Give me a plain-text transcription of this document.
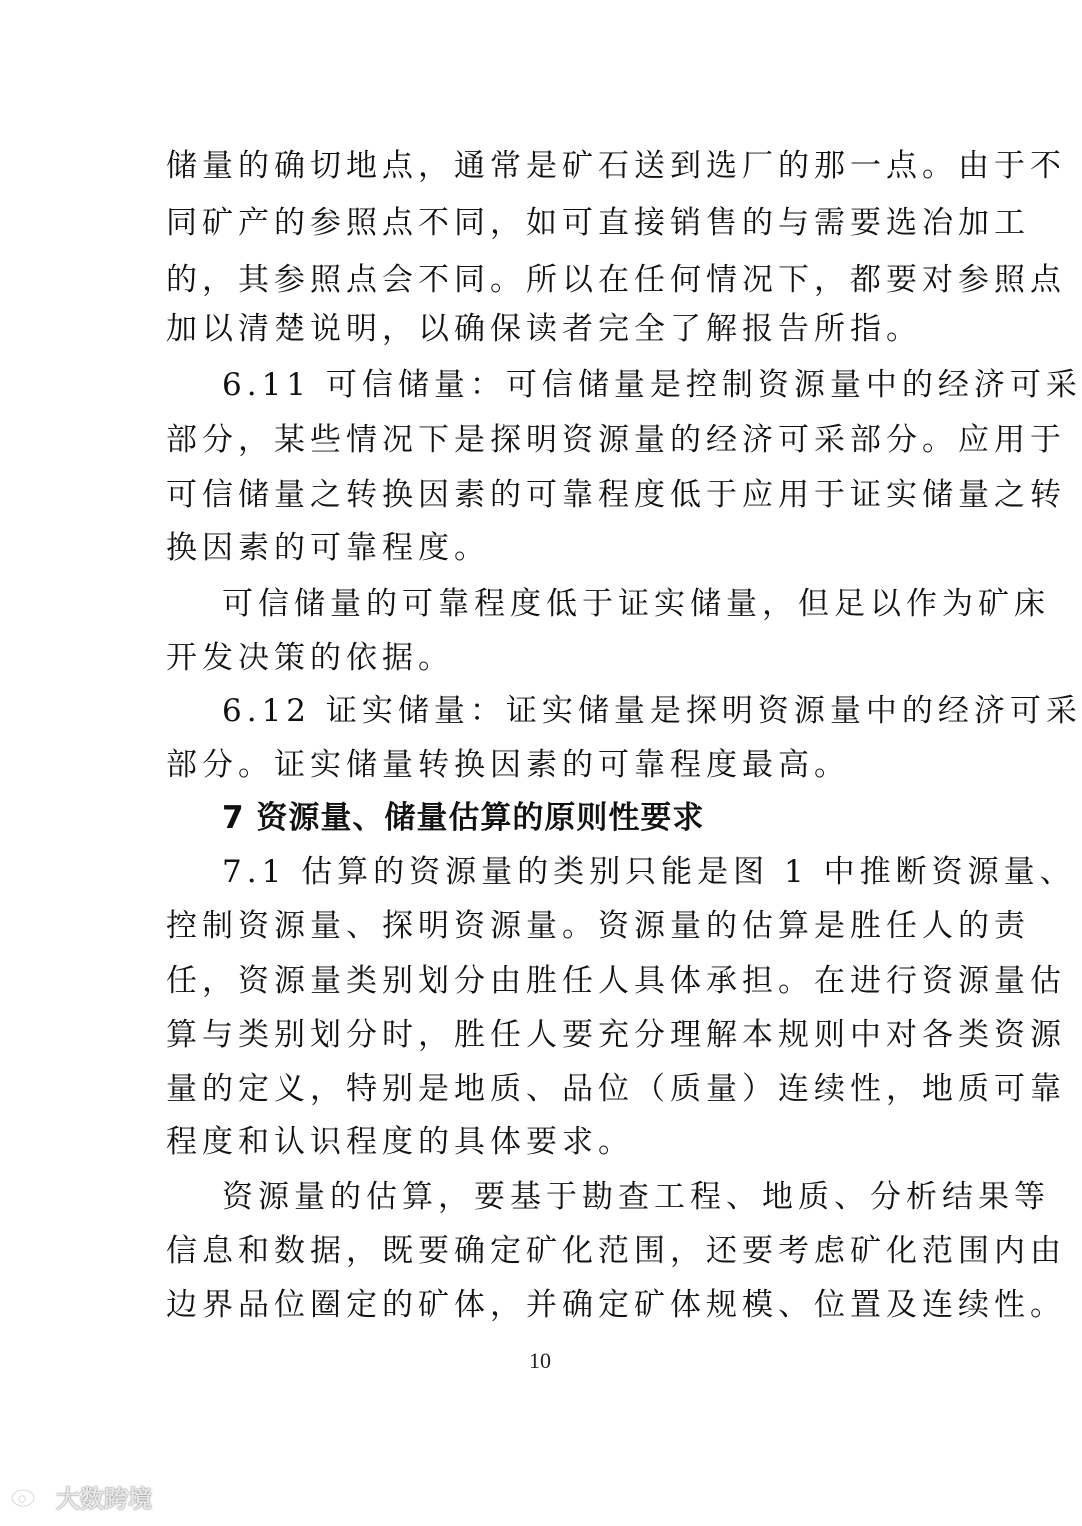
储量的确切地点，通常是矿石送到选厂的那一点。由于不
同矿产的参照点不同，如可直接销售的与需要选冶加工
的，其参照点会不同。所以在任何情况下，都要对参照点
加以清楚说明，以确保读者完全了解报告所指。
6.11 可信储量：可信储量是控制资源量中的经济可采
部分，某些情况下是探明资源量的经济可采部分。应用于
可信储量之转换因素的可靠程度低于应用于证实储量之转
换因素的可靠程度。
可信储量的可靠程度低于证实储量，但足以作为矿床
开发决策的依据。
6.12 证实储量：证实储量是探明资源量中的经济可采
部分。证实储量转换因素的可靠程度最高。
7 资源量、储量估算的原则性要求
7.1 估算的资源量的类别只能是图 1 中推断资源量、
控制资源量、探明资源量。资源量的估算是胜任人的责
任，资源量类别划分由胜任人具体承担。在进行资源量估
算与类别划分时，胜任人要充分理解本规则中对各类资源
量的定义，特别是地质、品位（质量）连续性，地质可靠
程度和认识程度的具体要求。
资源量的估算，要基于勘查工程、地质、分析结果等
信息和数据，既要确定矿化范围，还要考虑矿化范围内由
边界品位圈定的矿体，并确定矿体规模、位置及连续性。
10
大数跨境
